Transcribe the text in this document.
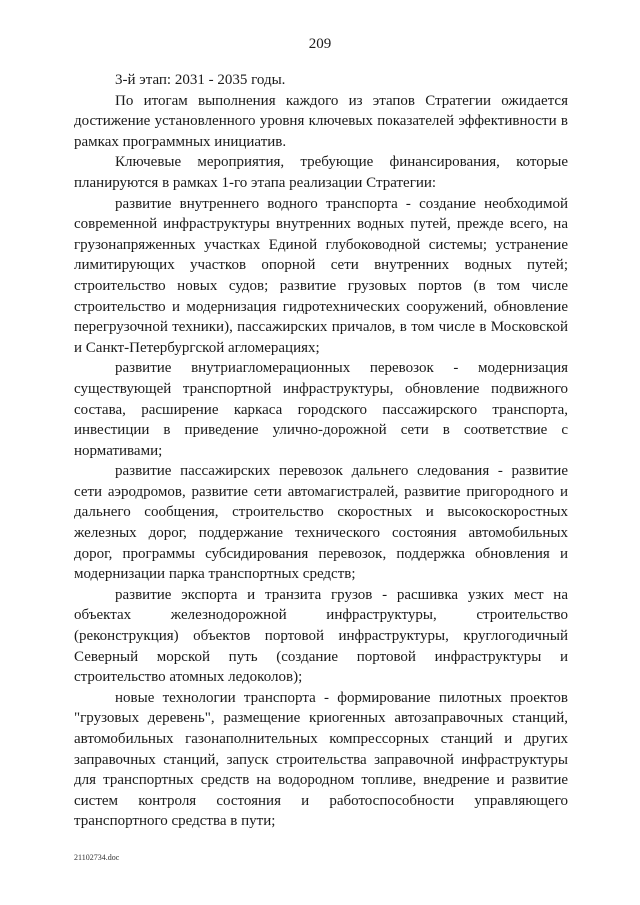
209

3-й этап: 2031 - 2035 годы.

По итогам выполнения каждого из этапов Стратегии ожидается достижение установленного уровня ключевых показателей эффективности в рамках программных инициатив.

Ключевые мероприятия, требующие финансирования, которые планируются в рамках 1-го этапа реализации Стратегии:

развитие внутреннего водного транспорта - создание необходимой современной инфраструктуры внутренних водных путей, прежде всего, на грузонапряженных участках Единой глубоководной системы; устранение лимитирующих участков опорной сети внутренних водных путей; строительство новых судов; развитие грузовых портов (в том числе строительство и модернизация гидротехнических сооружений, обновление перегрузочной техники), пассажирских причалов, в том числе в Московской и Санкт-Петербургской агломерациях;

развитие внутриагломерационных перевозок - модернизация существующей транспортной инфраструктуры, обновление подвижного состава, расширение каркаса городского пассажирского транспорта, инвестиции в приведение улично-дорожной сети в соответствие с нормативами;

развитие пассажирских перевозок дальнего следования - развитие сети аэродромов, развитие сети автомагистралей, развитие пригородного и дальнего сообщения, строительство скоростных и высокоскоростных железных дорог, поддержание технического состояния автомобильных дорог, программы субсидирования перевозок, поддержка обновления и модернизации парка транспортных средств;

развитие экспорта и транзита грузов - расшивка узких мест на объектах железнодорожной инфраструктуры, строительство (реконструкция) объектов портовой инфраструктуры, круглогодичный Северный морской путь (создание портовой инфраструктуры и строительство атомных ледоколов);

новые технологии транспорта - формирование пилотных проектов "грузовых деревень", размещение криогенных автозаправочных станций, автомобильных газонаполнительных компрессорных станций и других заправочных станций, запуск строительства заправочной инфраструктуры для транспортных средств на водородном топливе, внедрение и развитие систем контроля состояния и работоспособности управляющего транспортного средства в пути;

21102734.doc
